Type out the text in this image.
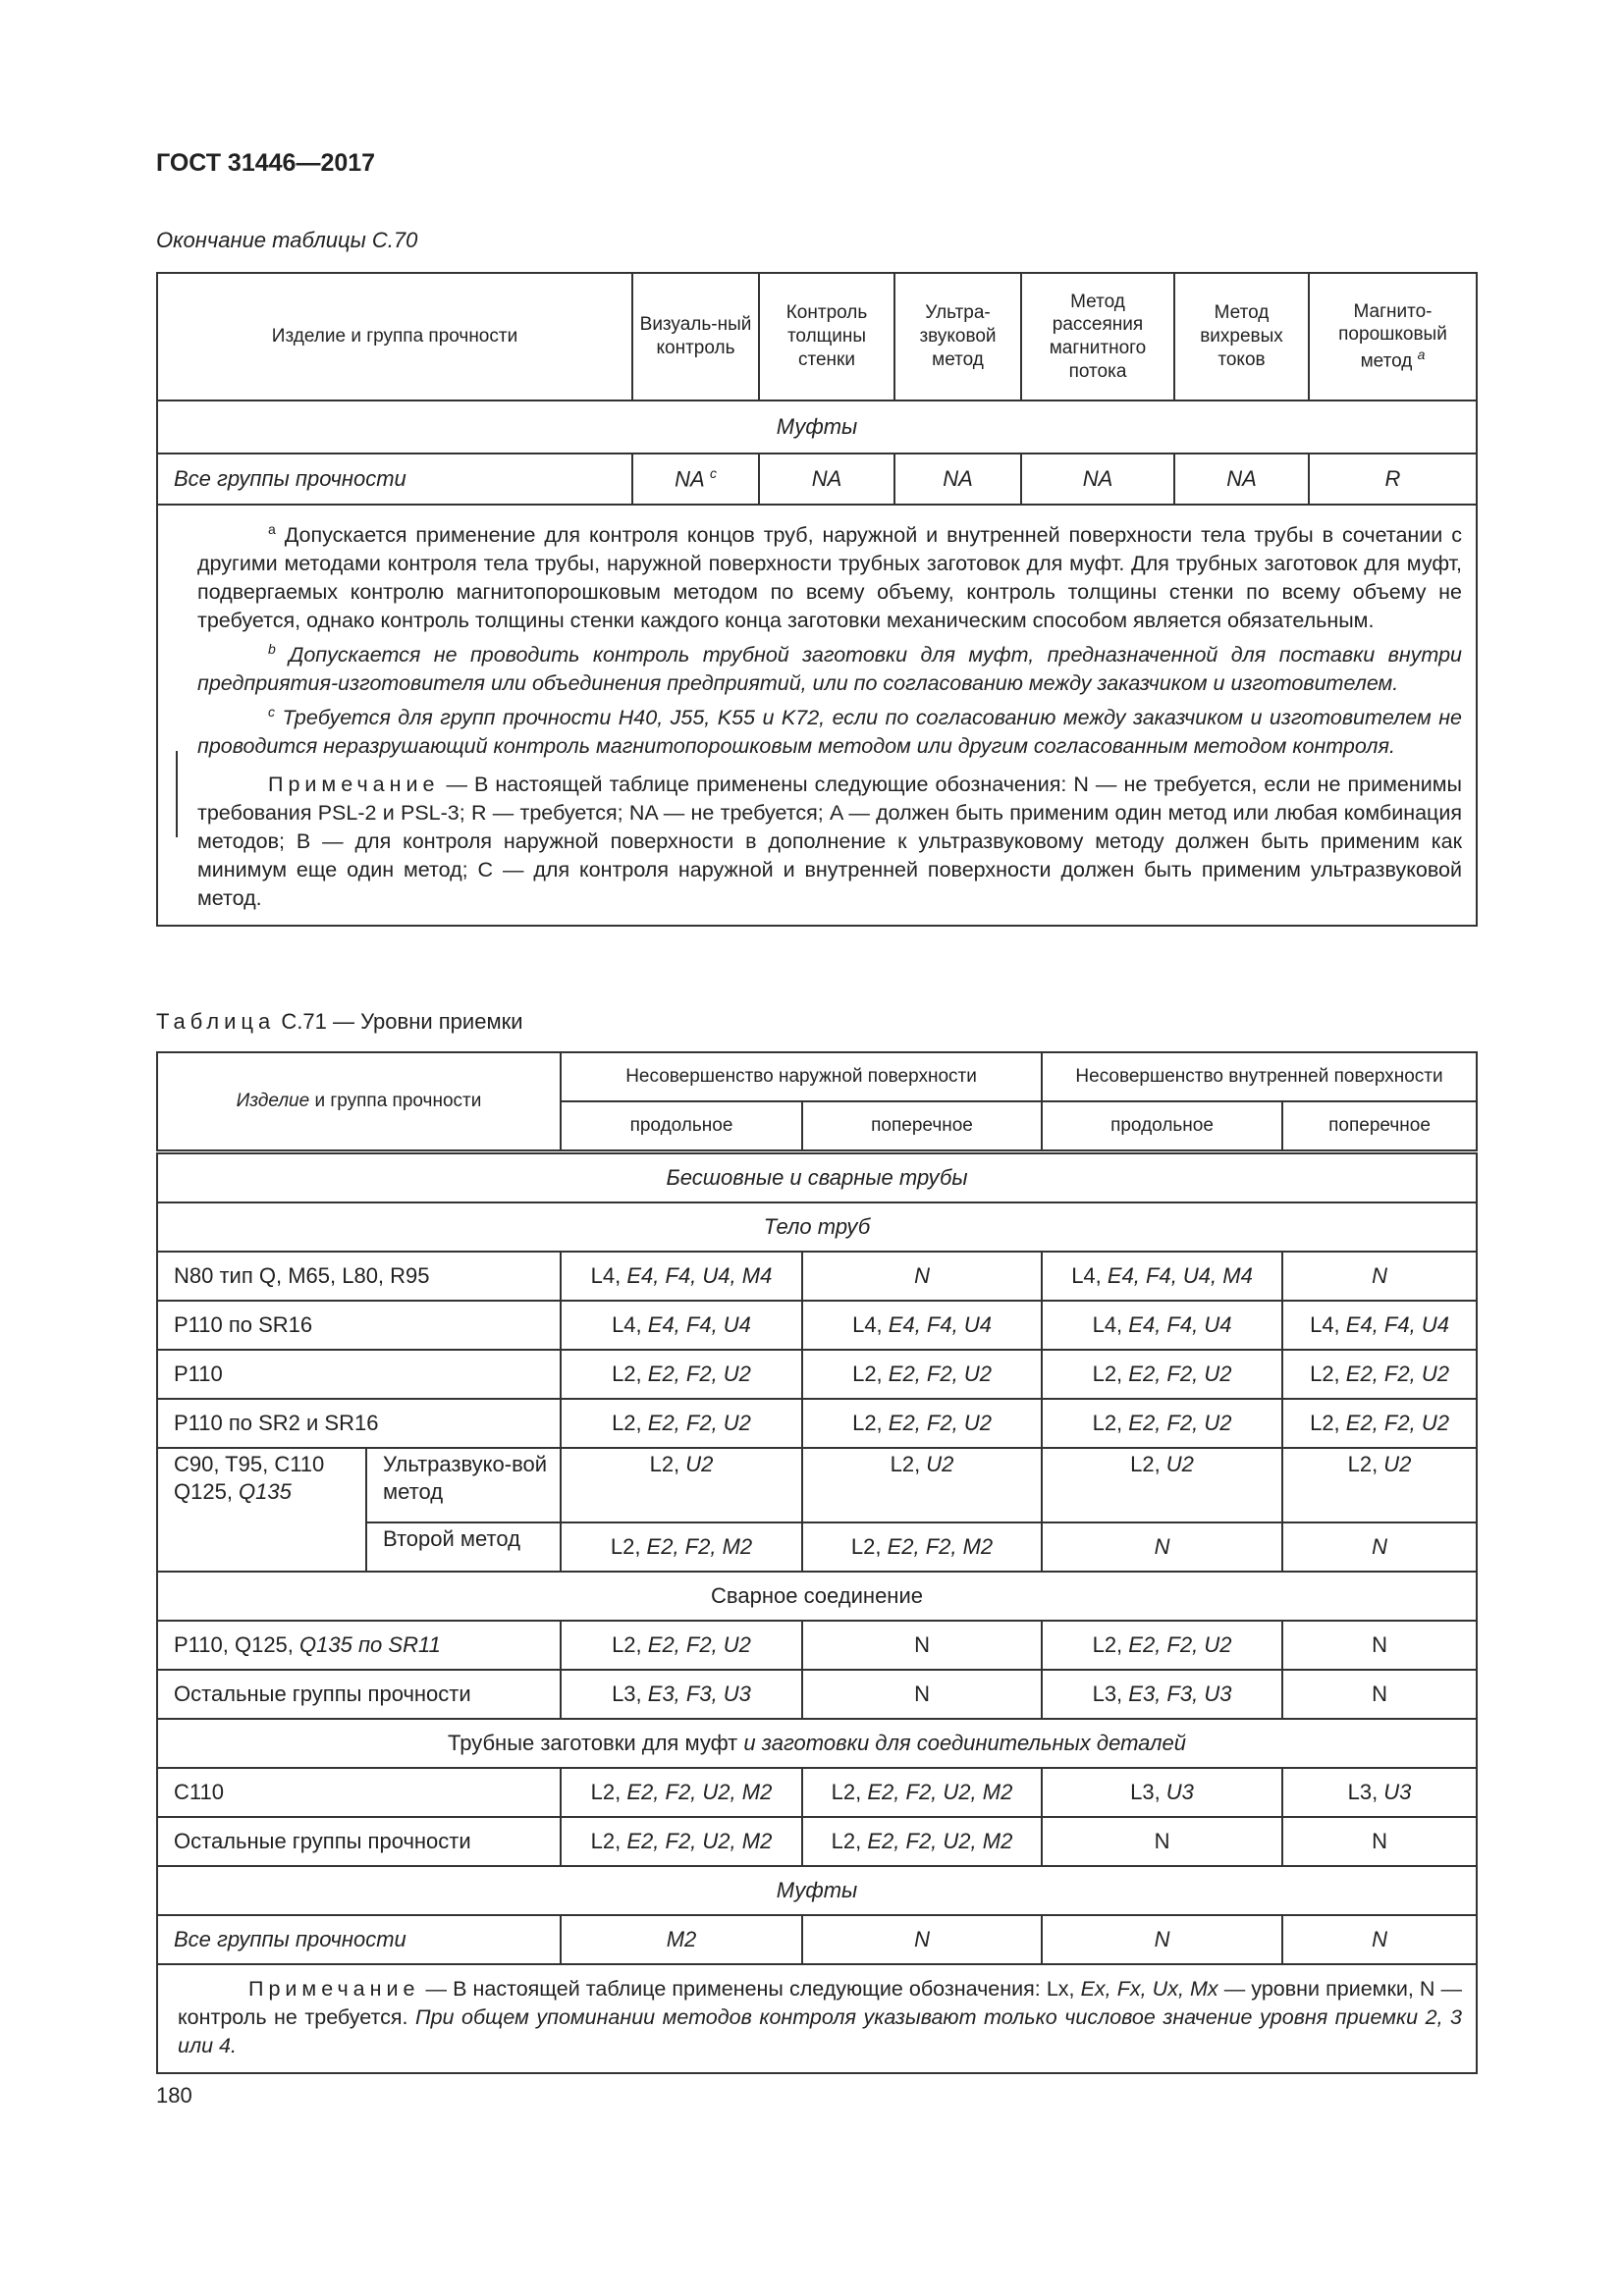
ГОСТ 31446—2017
Окончание таблицы С.70
Изделие и группа прочности	Визуаль-ный контроль	Контроль толщины стенки	Ультра-звуковой метод	Метод рассеяния магнитного потока	Метод вихревых токов	Магнито-порошковый метод $^a$
Муфты						
Все группы прочности	NA $^c$	NA	NA	NA	NA	R

$^a$ Допускается применение для контроля концов труб, наружной и внутренней поверхности тела трубы в сочетании с другими методами контроля тела трубы, наружной поверхности трубных заготовок для муфт. Для трубных заготовок для муфт, подвергаемых контролю магнитопорошковым методом по всему объему, контроль толщины стенки по всему объему не требуется, однако контроль толщины стенки каждого конца заготовки механическим способом является обязательным.

$^b$ Допускается не проводить контроль трубной заготовки для муфт, предназначенной для поставки внутри предприятия-изготовителя или объединения предприятий, или по согласованию между заказчиком и изготовителем.

$^c$ Требуется для групп прочности Н40, J55, K55 и K72, если по согласованию между заказчиком и изготовителем не проводится неразрушающий контроль магнитопорошковым методом или другим согласованным методом контроля.

Примечание — В настоящей таблице применены следующие обозначения: N — не требуется, если не применимы требования PSL-2 и PSL-3; R — требуется; NA — не требуется; A — должен быть применим один метод или любая комбинация методов; B — для контроля наружной поверхности в дополнение к ультразвуковому методу должен быть применим как минимум еще один метод; C — для контроля наружной и внутренней поверхности должен быть применим ультразвуковой метод.						

Таблица С.71 — Уровни приемки
Изделие и группа прочности		Несовершенство наружной поверхности		Несовершенство внутренней поверхности	
		продольное	поперечное	продольное	поперечное
Бесшовные и сварные трубы					
Тело труб					
N80 тип Q, M65, L80, R95		L4, E4, F4, U4, M4	N	L4, E4, F4, U4, M4	N
P110 по SR16		L4, E4, F4, U4	L4, E4, F4, U4	L4, E4, F4, U4	L4, E4, F4, U4
P110		L2, E2, F2, U2	L2, E2, F2, U2	L2, E2, F2, U2	L2, E2, F2, U2
P110 по SR2 и SR16		L2, E2, F2, U2	L2, E2, F2, U2	L2, E2, F2, U2	L2, E2, F2, U2
C90, T95, C110 Q125, Q135	Ультразвуко-вой метод	L2, U2	L2, U2	L2, U2	L2, U2
	Второй метод	L2, E2, F2, M2	L2, E2, F2, M2	N	N
Сварное соединение					
P110, Q125, Q135 по SR11		L2, E2, F2, U2	N	L2, E2, F2, U2	N
Остальные группы прочности		L3, E3, F3, U3	N	L3, E3, F3, U3	N
Трубные заготовки для муфт и заготовки для соединительных деталей					
C110		L2, E2, F2, U2, M2	L2, E2, F2, U2, M2	L3, U3	L3, U3
Остальные группы прочности		L2, E2, F2, U2, M2	L2, E2, F2, U2, M2	N	N
Муфты					
Все группы прочности		M2	N	N	N

Примечание — В настоящей таблице применены следующие обозначения: Lx, Ex, Fx, Ux, Mx — уровни приемки, N — контроль не требуется. При общем упоминании методов контроля указывают только числовое значение уровня приемки 2, 3 или 4.					

180
